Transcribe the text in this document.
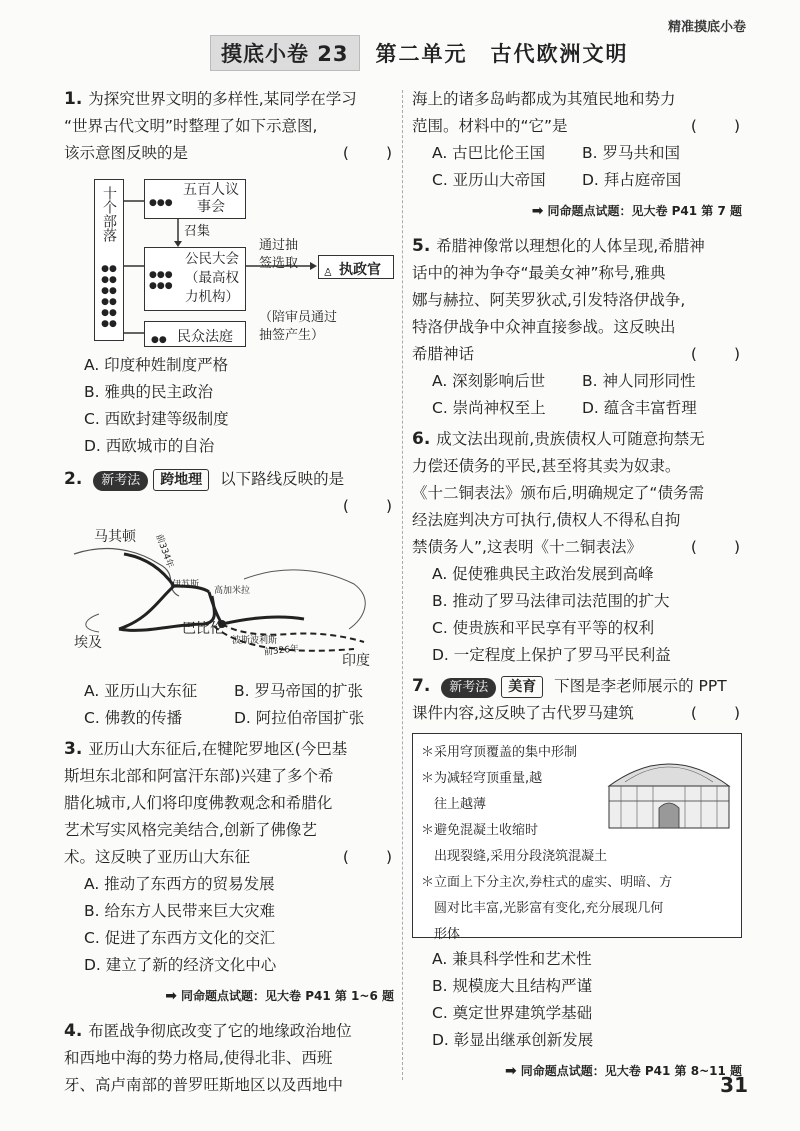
精准摸底小卷
摸底小卷 23	第二单元　古代欧洲文明
1. 为探究世界文明的多样性,某同学在学习
“世界古代文明”时整理了如下示意图,
该示意图反映的是	(　　)
十个部落
●●
●●
●●
●●
●●
●●
●●●
五百人议事会
召集
●●●
●●●
公民大会
（最高权
力机构）
通过抽
签选取
♙ 执政官
●● 民众法庭
（陪审员通过
抽签产生）
A. 印度种姓制度严格
B. 雅典的民主政治
C. 西欧封建等级制度
D. 西欧城市的自治
2. 新考法 跨地理 以下路线反映的是
(　　)
马其顿	前334年
伊苏斯
高加米拉
巴比伦
波斯波利斯
前326年
埃及
印度
A. 亚历山大东征	B. 罗马帝国的扩张
C. 佛教的传播	D. 阿拉伯帝国扩张
3. 亚历山大东征后,在犍陀罗地区(今巴基
斯坦东北部和阿富汗东部)兴建了多个希
腊化城市,人们将印度佛教观念和希腊化
艺术写实风格完美结合,创新了佛像艺
术。这反映了亚历山大东征	(　　)
A. 推动了东西方的贸易发展
B. 给东方人民带来巨大灾难
C. 促进了东西方文化的交汇
D. 建立了新的经济文化中心
➡ 同命题点试题：见大卷 P41 第 1~6 题
4. 布匿战争彻底改变了它的地缘政治地位
和西地中海的势力格局,使得北非、西班
牙、高卢南部的普罗旺斯地区以及西地中
海上的诸多岛屿都成为其殖民地和势力
范围。材料中的“它”是	(　　)
A. 古巴比伦王国	B. 罗马共和国
C. 亚历山大帝国	D. 拜占庭帝国
➡ 同命题点试题：见大卷 P41 第 7 题
5. 希腊神像常以理想化的人体呈现,希腊神
话中的神为争夺“最美女神”称号,雅典
娜与赫拉、阿芙罗狄忒,引发特洛伊战争,
特洛伊战争中众神直接参战。这反映出
希腊神话	(　　)
A. 深刻影响后世	B. 神人同形同性
C. 崇尚神权至上	D. 蕴含丰富哲理
6. 成文法出现前,贵族债权人可随意拘禁无
力偿还债务的平民,甚至将其卖为奴隶。
《十二铜表法》颁布后,明确规定了“债务需
经法庭判决方可执行,债权人不得私自拘
禁债务人”,这表明《十二铜表法》	(　　)
A. 促使雅典民主政治发展到高峰
B. 推动了罗马法律司法范围的扩大
C. 使贵族和平民享有平等的权利
D. 一定程度上保护了罗马平民利益
7. 新考法 美育 下图是李老师展示的 PPT
课件内容,这反映了古代罗马建筑	(　　)
＊采用穹顶覆盖的集中形制
＊为减轻穹顶重量,越
　往上越薄
＊避免混凝土收缩时
　出现裂缝,采用分段浇筑混凝土
＊立面上下分主次,券柱式的虚实、明暗、方
　圆对比丰富,光影富有变化,充分展现几何
　形体
A. 兼具科学性和艺术性
B. 规模庞大且结构严谨
C. 奠定世界建筑学基础
D. 彰显出继承创新发展
➡ 同命题点试题：见大卷 P41 第 8~11 题
31
